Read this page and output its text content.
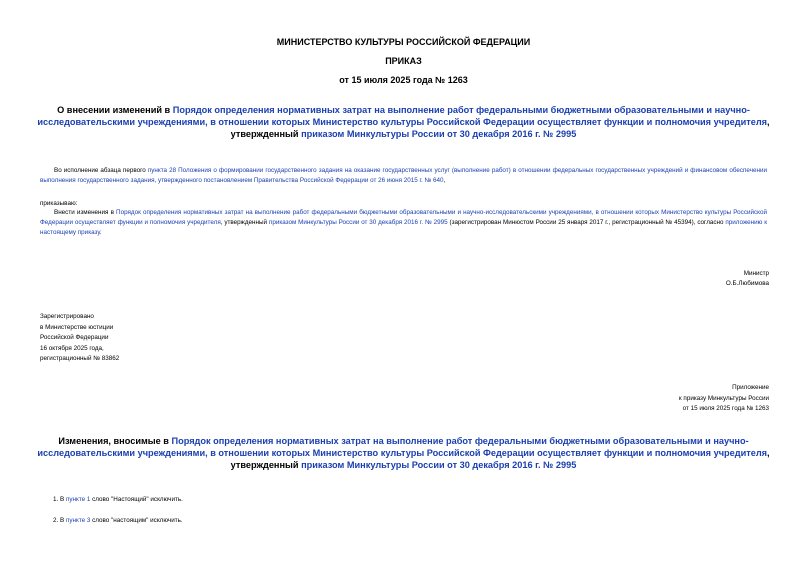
МИНИСТЕРСТВО КУЛЬТУРЫ РОССИЙСКОЙ ФЕДЕРАЦИИ
ПРИКАЗ
от 15 июля 2025 года № 1263
О внесении изменений в Порядок определения нормативных затрат на выполнение работ федеральными бюджетными образовательными и научно-исследовательскими учреждениями, в отношении которых Министерство культуры Российской Федерации осуществляет функции и полномочия учредителя, утвержденный приказом Минкультуры России от 30 декабря 2016 г. № 2995
Во исполнение абзаца первого пункта 28 Положения о формировании государственного задания на оказание государственных услуг (выполнение работ) в отношении федеральных государственных учреждений и финансовом обеспечении выполнения государственного задания, утвержденного постановлением Правительства Российской Федерации от 26 июня 2015 г. № 640,
приказываю:
Внести изменения в Порядок определения нормативных затрат на выполнение работ федеральными бюджетными образовательными и научно-исследовательскими учреждениями, в отношении которых Министерство культуры Российской Федерации осуществляет функции и полномочия учредителя, утвержденный приказом Минкультуры России от 30 декабря 2016 г. № 2995 (зарегистрирован Минюстом России 25 января 2017 г., регистрационный № 45394), согласно приложению к настоящему приказу.
Министр
О.Б.Любимова
Зарегистрировано
в Министерстве юстиции
Российской Федерации
16 октября 2025 года,
регистрационный № 83862
Приложение
к приказу Минкультуры России
от 15 июля 2025 года № 1263
Изменения, вносимые в Порядок определения нормативных затрат на выполнение работ федеральными бюджетными образовательными и научно-исследовательскими учреждениями, в отношении которых Министерство культуры Российской Федерации осуществляет функции и полномочия учредителя, утвержденный приказом Минкультуры России от 30 декабря 2016 г. № 2995
1. В пункте 1 слово "Настоящий" исключить.
2. В пункте 3 слово "настоящим" исключить.
